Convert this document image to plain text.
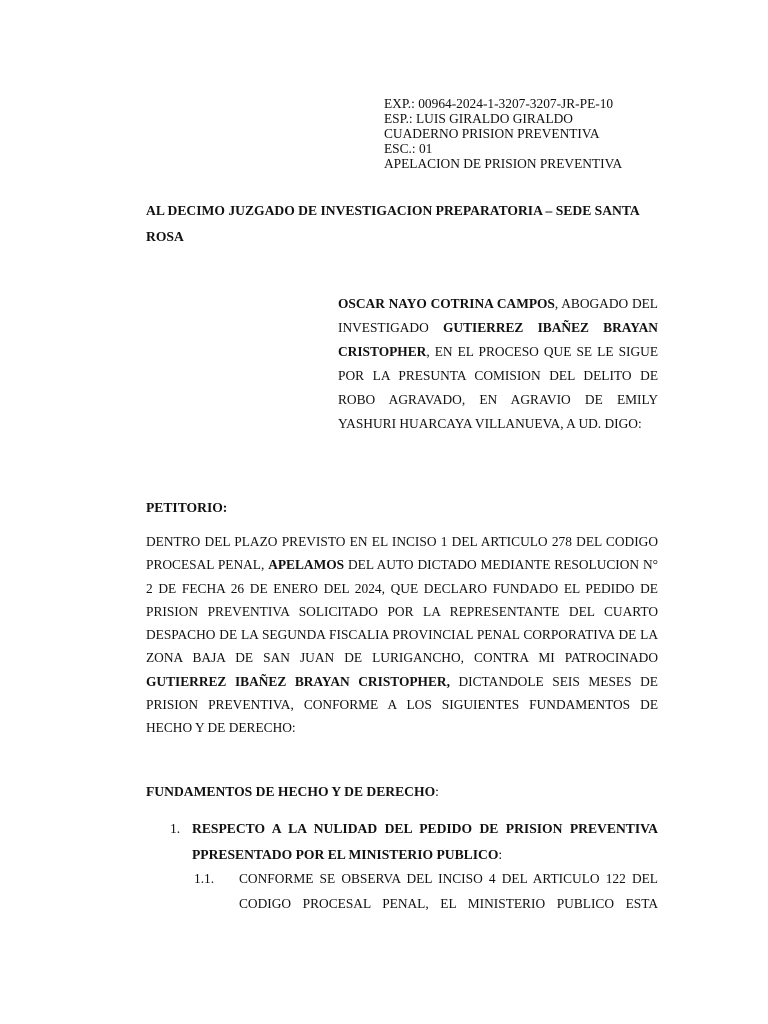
EXP.: 00964-2024-1-3207-3207-JR-PE-10
ESP.: LUIS GIRALDO GIRALDO
CUADERNO PRISION PREVENTIVA
ESC.: 01
APELACION DE PRISION PREVENTIVA
AL DECIMO JUZGADO DE INVESTIGACION PREPARATORIA – SEDE SANTA ROSA
OSCAR NAYO COTRINA CAMPOS, ABOGADO DEL INVESTIGADO GUTIERREZ IBAÑEZ BRAYAN CRISTOPHER, EN EL PROCESO QUE SE LE SIGUE POR LA PRESUNTA COMISION DEL DELITO DE ROBO AGRAVADO, EN AGRAVIO DE EMILY YASHURI HUARCAYA VILLANUEVA, A UD. DIGO:
PETITORIO:
DENTRO DEL PLAZO PREVISTO EN EL INCISO 1 DEL ARTICULO 278 DEL CODIGO PROCESAL PENAL, APELAMOS DEL AUTO DICTADO MEDIANTE RESOLUCION N° 2 DE FECHA 26 DE ENERO DEL 2024, QUE DECLARO FUNDADO EL PEDIDO DE PRISION PREVENTIVA SOLICITADO POR LA REPRESENTANTE DEL CUARTO DESPACHO DE LA SEGUNDA FISCALIA PROVINCIAL PENAL CORPORATIVA DE LA ZONA BAJA DE SAN JUAN DE LURIGANCHO, CONTRA MI PATROCINADO GUTIERREZ IBAÑEZ BRAYAN CRISTOPHER, DICTANDOLE SEIS MESES DE PRISION PREVENTIVA, CONFORME A LOS SIGUIENTES FUNDAMENTOS DE HECHO Y DE DERECHO:
FUNDAMENTOS DE HECHO Y DE DERECHO:
1. RESPECTO A LA NULIDAD DEL PEDIDO DE PRISION PREVENTIVA PPRESENTADO POR EL MINISTERIO PUBLICO:
1.1. CONFORME SE OBSERVA DEL INCISO 4 DEL ARTICULO 122 DEL CODIGO PROCESAL PENAL, EL MINISTERIO PUBLICO ESTA
